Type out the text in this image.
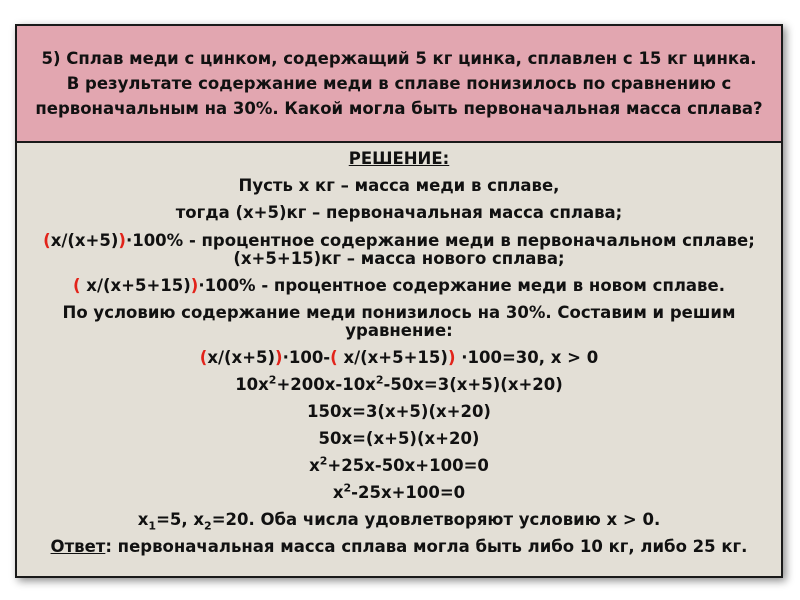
5) Сплав меди с цинком, содержащий 5 кг цинка, сплавлен с 15 кг цинка. В результате содержание меди в сплаве понизилось по сравнению с первоначальным на 30%. Какой могла быть первоначальная масса сплава?
РЕШЕНИЕ:
Пусть х кг – масса меди в сплаве,
тогда (х+5)кг – первоначальная масса сплава;
(х/(х+5))·100% - процентное содержание меди в первоначальном сплаве;
(х+5+15)кг – масса нового сплава;
( х/(х+5+15))·100% - процентное содержание меди в новом сплаве.
По условию содержание меди понизилось на 30%. Составим и решим
уравнение:
(х/(х+5))·100-( х/(х+5+15)) ·100=30, х > 0
$10х^2+200х-10х^2-50х=3(х+5)(х+20)$
150х=3(х+5)(х+20)
50х=(х+5)(х+20)
$х^2+25х-50х+100=0$
$х^2-25х+100=0$
$х_1=5$, $х_2=20$. Оба числа удовлетворяют условию х > 0.
Ответ: первоначальная масса сплава могла быть либо 10 кг, либо 25 кг.
